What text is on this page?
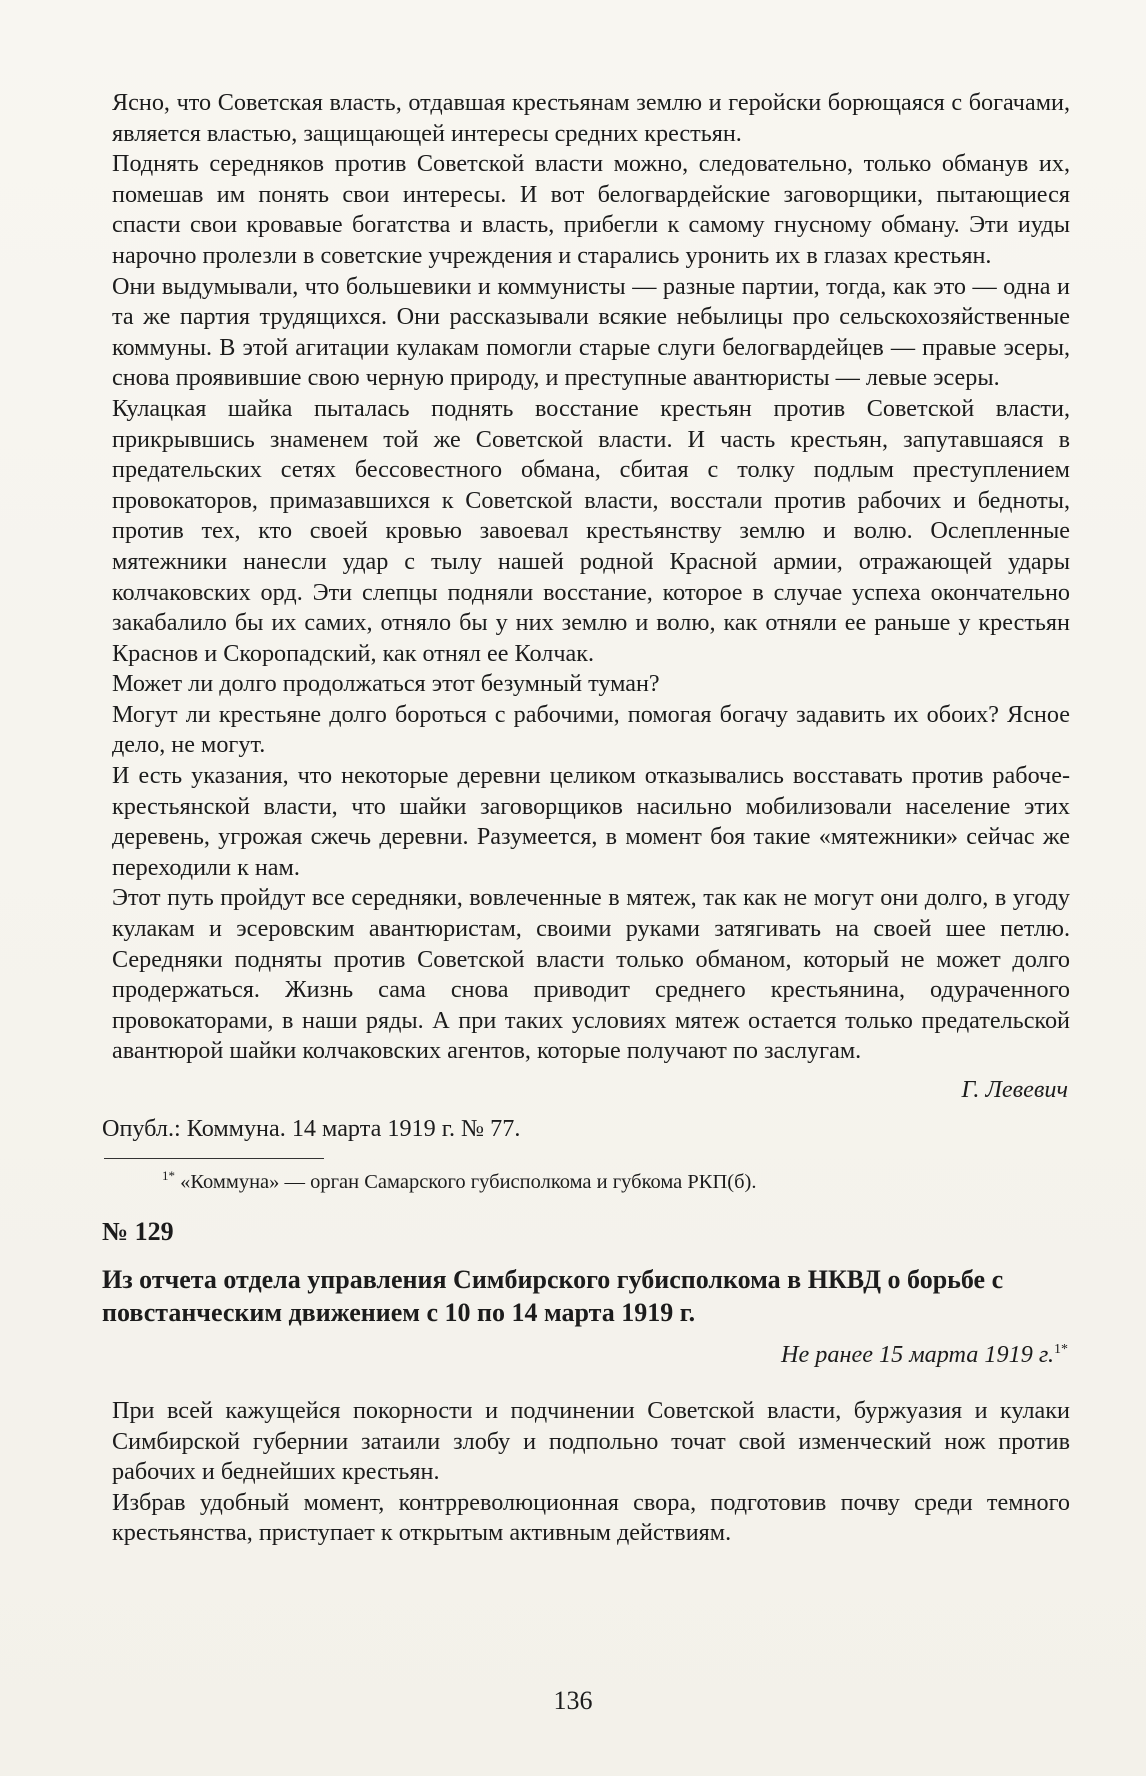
Ясно, что Советская власть, отдавшая крестьянам землю и геройски борющаяся с богачами, является властью, защищающей интересы средних крестьян.

Поднять середняков против Советской власти можно, следовательно, только обманув их, помешав им понять свои интересы. И вот белогвардейские заговорщики, пытающиеся спасти свои кровавые богатства и власть, прибегли к самому гнусному обману. Эти иуды нарочно пролезли в советские учреждения и старались уронить их в глазах крестьян.

Они выдумывали, что большевики и коммунисты — разные партии, тогда, как это — одна и та же партия трудящихся. Они рассказывали всякие небылицы про сельскохозяйственные коммуны. В этой агитации кулакам помогли старые слуги белогвардейцев — правые эсеры, снова проявившие свою черную природу, и преступные авантюристы — левые эсеры.

Кулацкая шайка пыталась поднять восстание крестьян против Советской власти, прикрывшись знаменем той же Советской власти. И часть крестьян, запутавшаяся в предательских сетях бессовестного обмана, сбитая с толку подлым преступлением провокаторов, примазавшихся к Советской власти, восстали против рабочих и бедноты, против тех, кто своей кровью завоевал крестьянству землю и волю. Ослепленные мятежники нанесли удар с тылу нашей родной Красной армии, отражающей удары колчаковских орд. Эти слепцы подняли восстание, которое в случае успеха окончательно закабалило бы их самих, отняло бы у них землю и волю, как отняли ее раньше у крестьян Краснов и Скоропадский, как отнял ее Колчак.

Может ли долго продолжаться этот безумный туман?

Могут ли крестьяне долго бороться с рабочими, помогая богачу задавить их обоих? Ясное дело, не могут.

И есть указания, что некоторые деревни целиком отказывались восставать против рабоче-крестьянской власти, что шайки заговорщиков насильно мобилизовали население этих деревень, угрожая сжечь деревни. Разумеется, в момент боя такие «мятежники» сейчас же переходили к нам.

Этот путь пройдут все середняки, вовлеченные в мятеж, так как не могут они долго, в угоду кулакам и эсеровским авантюристам, своими руками затягивать на своей шее петлю. Середняки подняты против Советской власти только обманом, который не может долго продержаться. Жизнь сама снова приводит среднего крестьянина, одураченного провокаторами, в наши ряды. А при таких условиях мятеж остается только предательской авантюрой шайки колчаковских агентов, которые получают по заслугам.

Г. Левевич

Опубл.: Коммуна. 14 марта 1919 г. № 77.

$^{1*}$ «Коммуна» — орган Самарского губисполкома и губкома РКП(б).

№ 129
Из отчета отдела управления Симбирского губисполкома в НКВД о борьбе с повстанческим движением с 10 по 14 марта 1919 г.
Не ранее 15 марта 1919 г.$^{1*}$

При всей кажущейся покорности и подчинении Советской власти, буржуазия и кулаки Симбирской губернии затаили злобу и подпольно точат свой изменческий нож против рабочих и беднейших крестьян.

Избрав удобный момент, контрреволюционная свора, подготовив почву среди темного крестьянства, приступает к открытым активным действиям.

136
